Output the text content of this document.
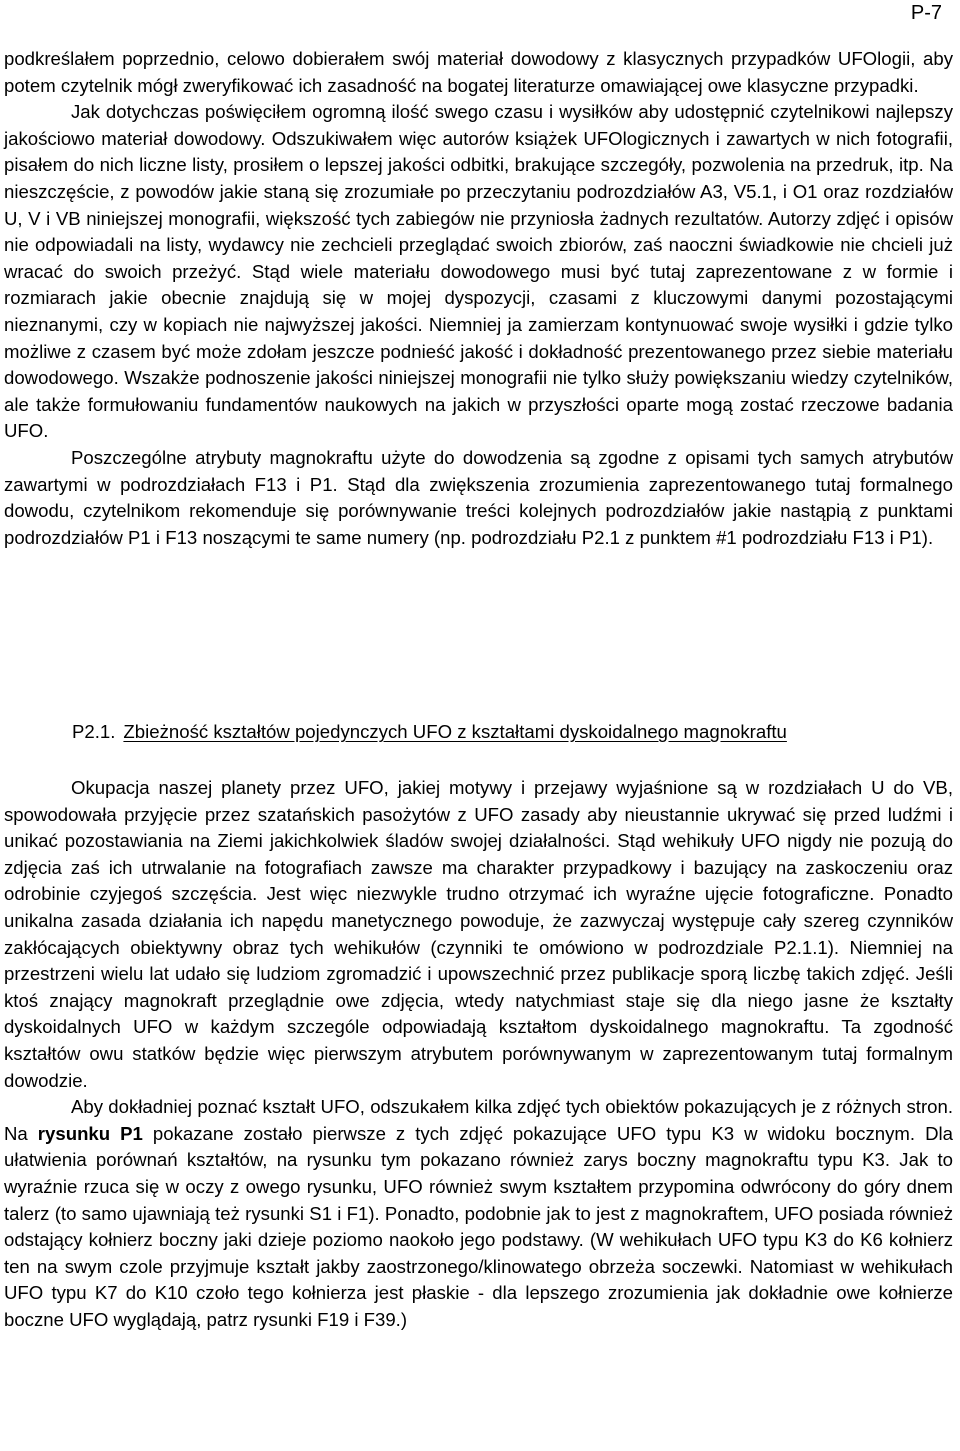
P-7

podkreślałem poprzednio, celowo dobierałem swój materiał dowodowy z klasycznych przypadków UFOlogii, aby potem czytelnik mógł zweryfikować ich zasadność na bogatej literaturze omawiającej owe klasyczne przypadki.

Jak dotychczas poświęciłem ogromną ilość swego czasu i wysiłków aby udostępnić czytelnikowi najlepszy jakościowo materiał dowodowy. Odszukiwałem więc autorów książek UFOlogicznych i zawartych w nich fotografii, pisałem do nich liczne listy, prosiłem o lepszej jakości odbitki, brakujące szczegóły, pozwolenia na przedruk, itp. Na nieszczęście, z powodów jakie staną się zrozumiałe po przeczytaniu podrozdziałów A3, V5.1, i O1 oraz rozdziałów U, V i VB niniejszej monografii, większość tych zabiegów nie przyniosła żadnych rezultatów. Autorzy zdjęć i opisów nie odpowiadali na listy, wydawcy nie zechcieli przeglądać swoich zbiorów, zaś naoczni świadkowie nie chcieli już wracać do swoich przeżyć. Stąd wiele materiału dowodowego musi być tutaj zaprezentowane z w formie i rozmiarach jakie obecnie znajdują się w mojej dyspozycji, czasami z kluczowymi danymi pozostającymi nieznanymi, czy w kopiach nie najwyższej jakości. Niemniej ja zamierzam kontynuować swoje wysiłki i gdzie tylko możliwe z czasem być może zdołam jeszcze podnieść jakość i dokładność prezentowanego przez siebie materiału dowodowego. Wszakże podnoszenie jakości niniejszej monografii nie tylko służy powiększaniu wiedzy czytelników, ale także formułowaniu fundamentów naukowych na jakich w przyszłości oparte mogą zostać rzeczowe badania UFO.

Poszczególne atrybuty magnokraftu użyte do dowodzenia są zgodne z opisami tych samych atrybutów zawartymi w podrozdziałach F13 i P1. Stąd dla zwiększenia zrozumienia zaprezentowanego tutaj formalnego dowodu, czytelnikom rekomenduje się porównywanie treści kolejnych podrozdziałów jakie nastąpią z punktami podrozdziałów P1 i F13 noszącymi te same numery (np. podrozdziału P2.1 z punktem #1 podrozdziału F13 i P1).

P2.1. Zbieżność kształtów pojedynczych UFO z kształtami dyskoidalnego magnokraftu

Okupacja naszej planety przez UFO, jakiej motywy i przejawy wyjaśnione są w rozdziałach U do VB, spowodowała przyjęcie przez szatańskich pasożytów z UFO zasady aby nieustannie ukrywać się przed ludźmi i unikać pozostawiania na Ziemi jakichkolwiek śladów swojej działalności. Stąd wehikuły UFO nigdy nie pozują do zdjęcia zaś ich utrwalanie na fotografiach zawsze ma charakter przypadkowy i bazujący na zaskoczeniu oraz odrobinie czyjegoś szczęścia. Jest więc niezwykle trudno otrzymać ich wyraźne ujęcie fotograficzne. Ponadto unikalna zasada działania ich napędu manetycznego powoduje, że zazwyczaj występuje cały szereg czynników zakłócających obiektywny obraz tych wehikułów (czynniki te omówiono w podrozdziale P2.1.1). Niemniej na przestrzeni wielu lat udało się ludziom zgromadzić i upowszechnić przez publikacje sporą liczbę takich zdjęć. Jeśli ktoś znający magnokraft przeglądnie owe zdjęcia, wtedy natychmiast staje się dla niego jasne że kształty dyskoidalnych UFO w każdym szczególe odpowiadają kształtom dyskoidalnego magnokraftu. Ta zgodność kształtów owu statków będzie więc pierwszym atrybutem porównywanym w zaprezentowanym tutaj formalnym dowodzie.

Aby dokładniej poznać kształt UFO, odszukałem kilka zdjęć tych obiektów pokazujących je z różnych stron. Na rysunku P1 pokazane zostało pierwsze z tych zdjęć pokazujące UFO typu K3 w widoku bocznym. Dla ułatwienia porównań kształtów, na rysunku tym pokazano również zarys boczny magnokraftu typu K3. Jak to wyraźnie rzuca się w oczy z owego rysunku, UFO również swym kształtem przypomina odwrócony do góry dnem talerz (to samo ujawniają też rysunki S1 i F1). Ponadto, podobnie jak to jest z magnokraftem, UFO posiada również odstający kołnierz boczny jaki dzieje poziomo naokoło jego podstawy. (W wehikułach UFO typu K3 do K6 kołnierz ten na swym czole przyjmuje kształt jakby zaostrzonego/klinowatego obrzeża soczewki. Natomiast w wehikułach UFO typu K7 do K10 czoło tego kołnierza jest płaskie - dla lepszego zrozumienia jak dokładnie owe kołnierze boczne UFO wyglądają, patrz rysunki F19 i F39.)
